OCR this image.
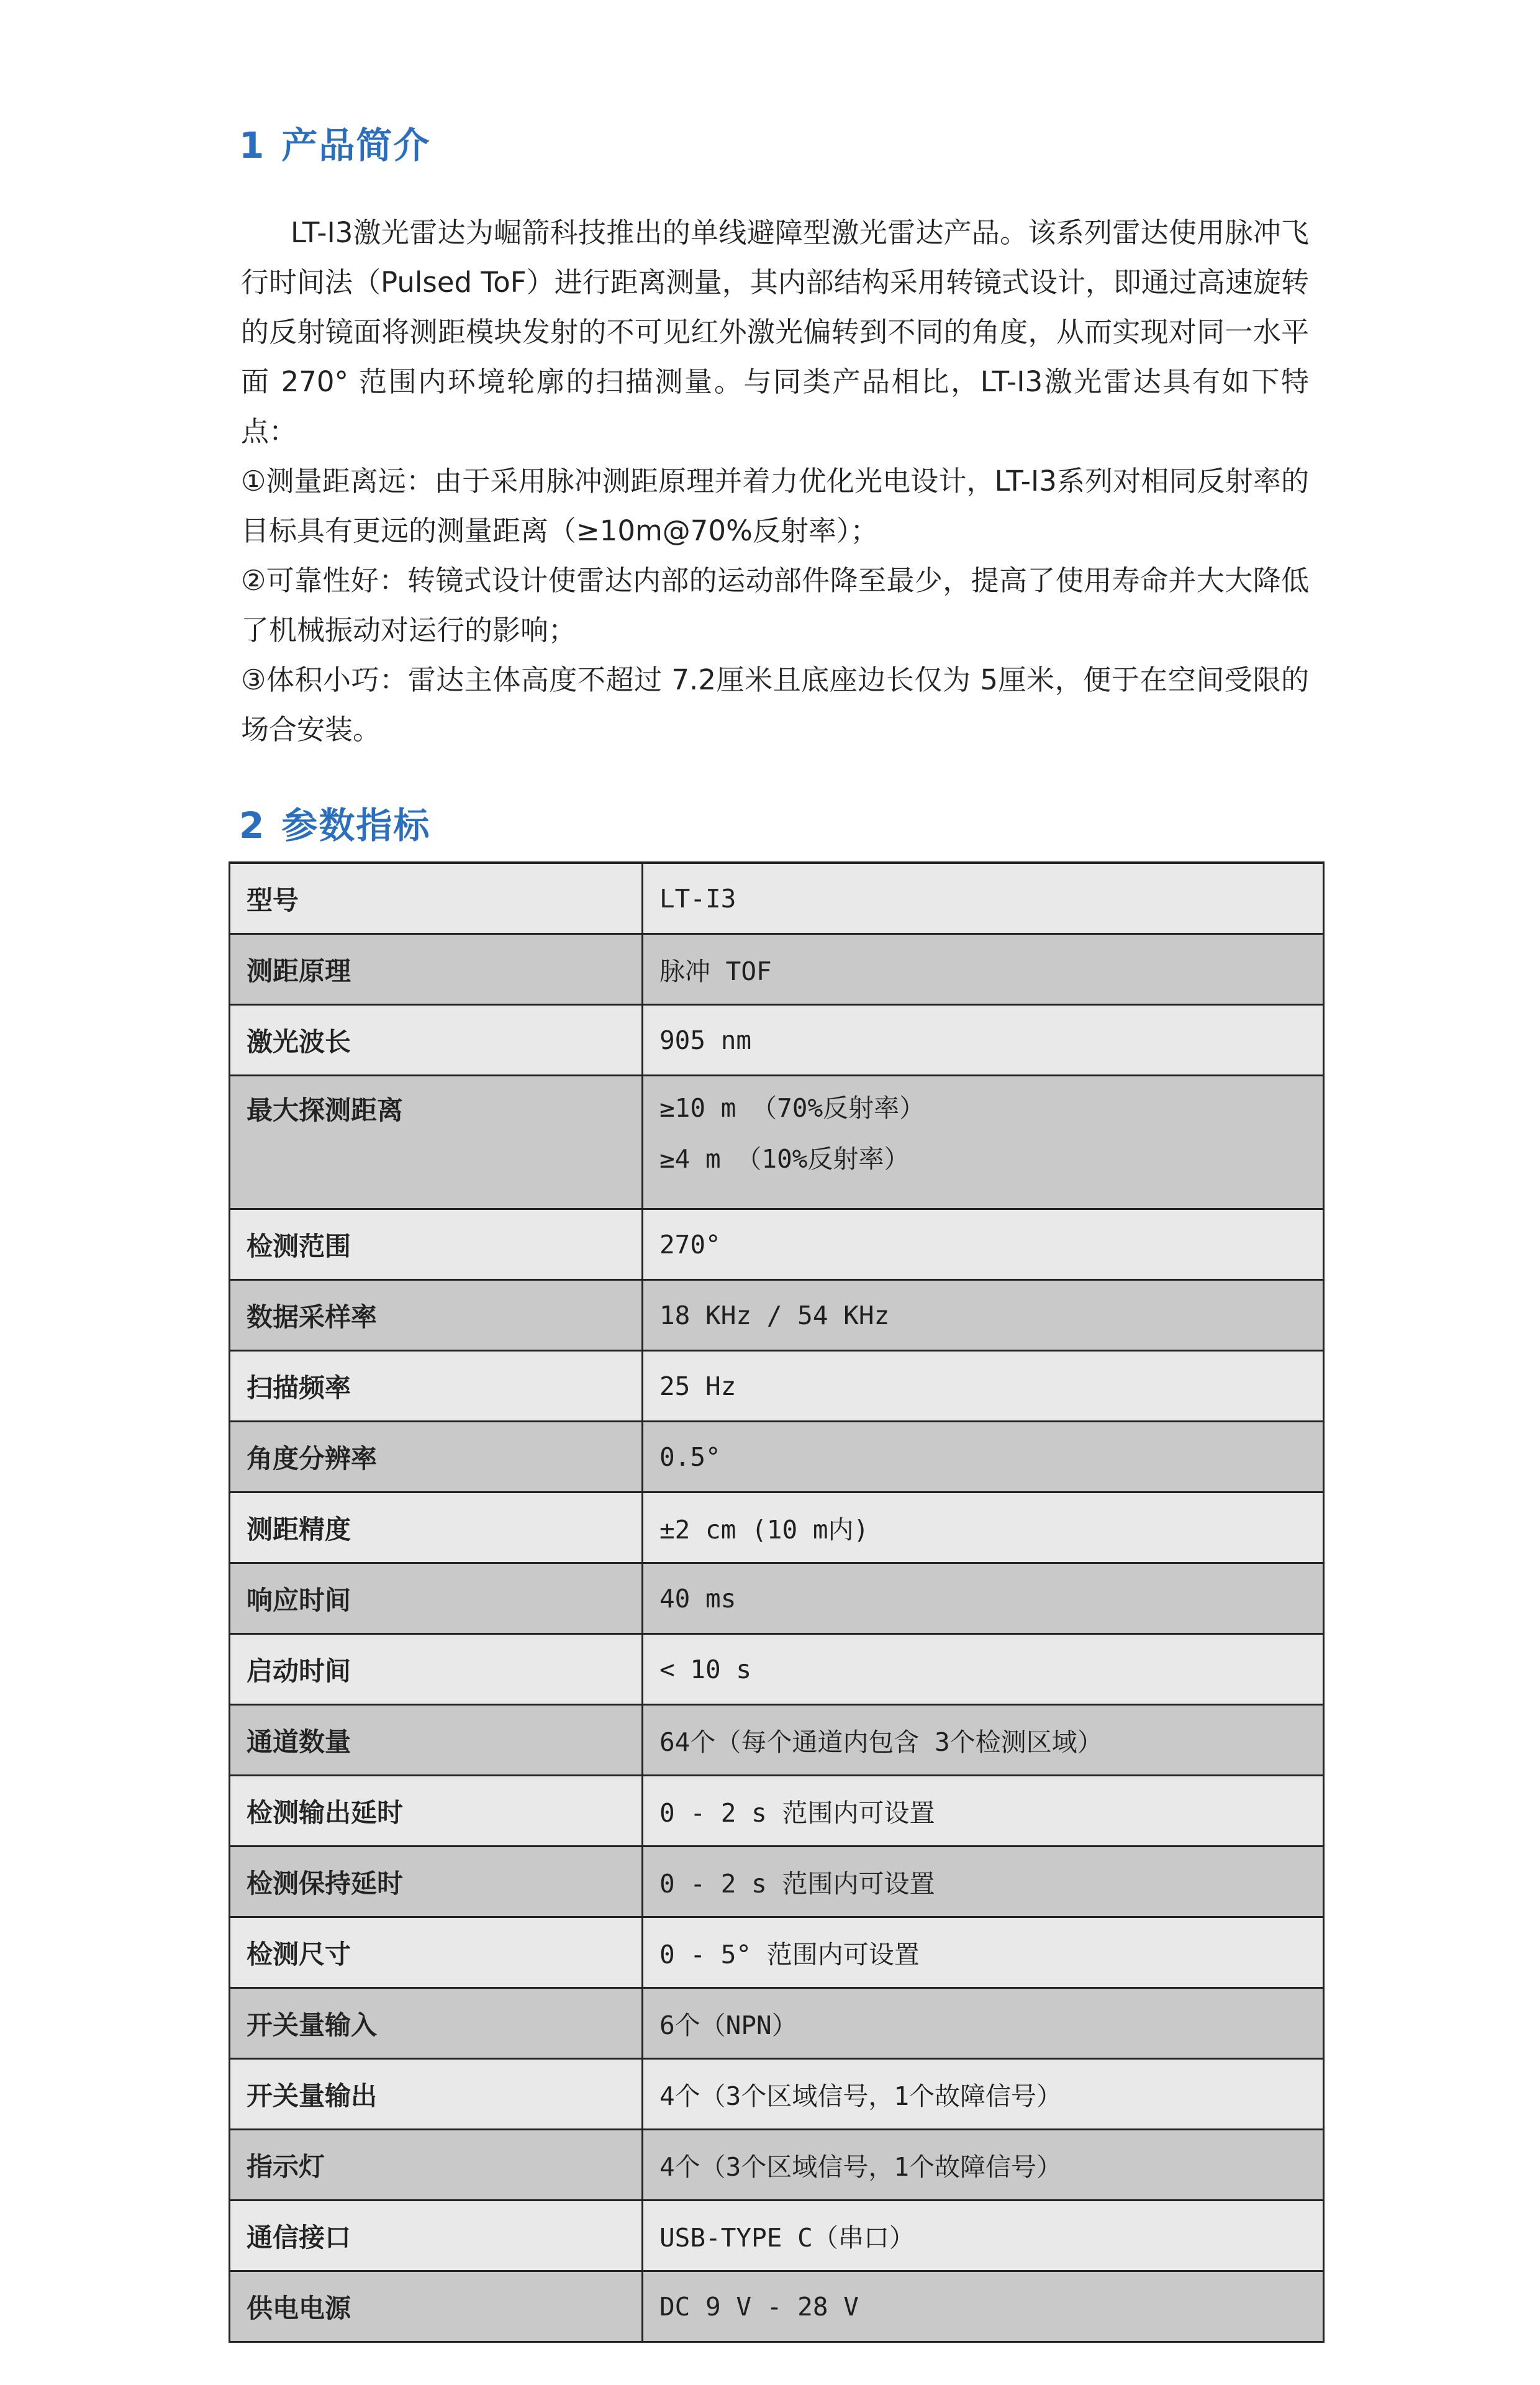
1 产品简介

LT-I3激光雷达为崛箭科技推出的单线避障型激光雷达产品。该系列雷达使用脉冲飞行时间法（Pulsed ToF）进行距离测量，其内部结构采用转镜式设计，即通过高速旋转的反射镜面将测距模块发射的不可见红外激光偏转到不同的角度，从而实现对同一水平面 270° 范围内环境轮廓的扫描测量。与同类产品相比，LT-I3激光雷达具有如下特点：

①测量距离远：由于采用脉冲测距原理并着力优化光电设计，LT-I3系列对相同反射率的目标具有更远的测量距离（≥10m@70%反射率）；

②可靠性好：转镜式设计使雷达内部的运动部件降至最少，提高了使用寿命并大大降低了机械振动对运行的影响；

③体积小巧：雷达主体高度不超过 7.2厘米且底座边长仅为 5厘米，便于在空间受限的场合安装。

2 参数指标
型号	LT-I3
测距原理	脉冲 TOF
激光波长	905 nm
最大探测距离	≥10 m （70%反射率）
≥4 m （10%反射率）

检测范围	270°
数据采样率	18 KHz / 54 KHz
扫描频率	25 Hz
角度分辨率	0.5°
测距精度	±2 cm (10 m内)
响应时间	40 ms
启动时间	< 10 s
通道数量	64个（每个通道内包含 3个检测区域）
检测输出延时	0 - 2 s 范围内可设置
检测保持延时	0 - 2 s 范围内可设置
检测尺寸	0 - 5° 范围内可设置
开关量输入	6个（NPN）
开关量输出	4个（3个区域信号，1个故障信号）
指示灯	4个（3个区域信号，1个故障信号）
通信接口	USB-TYPE C（串口）
供电电源	DC 9 V - 28 V
